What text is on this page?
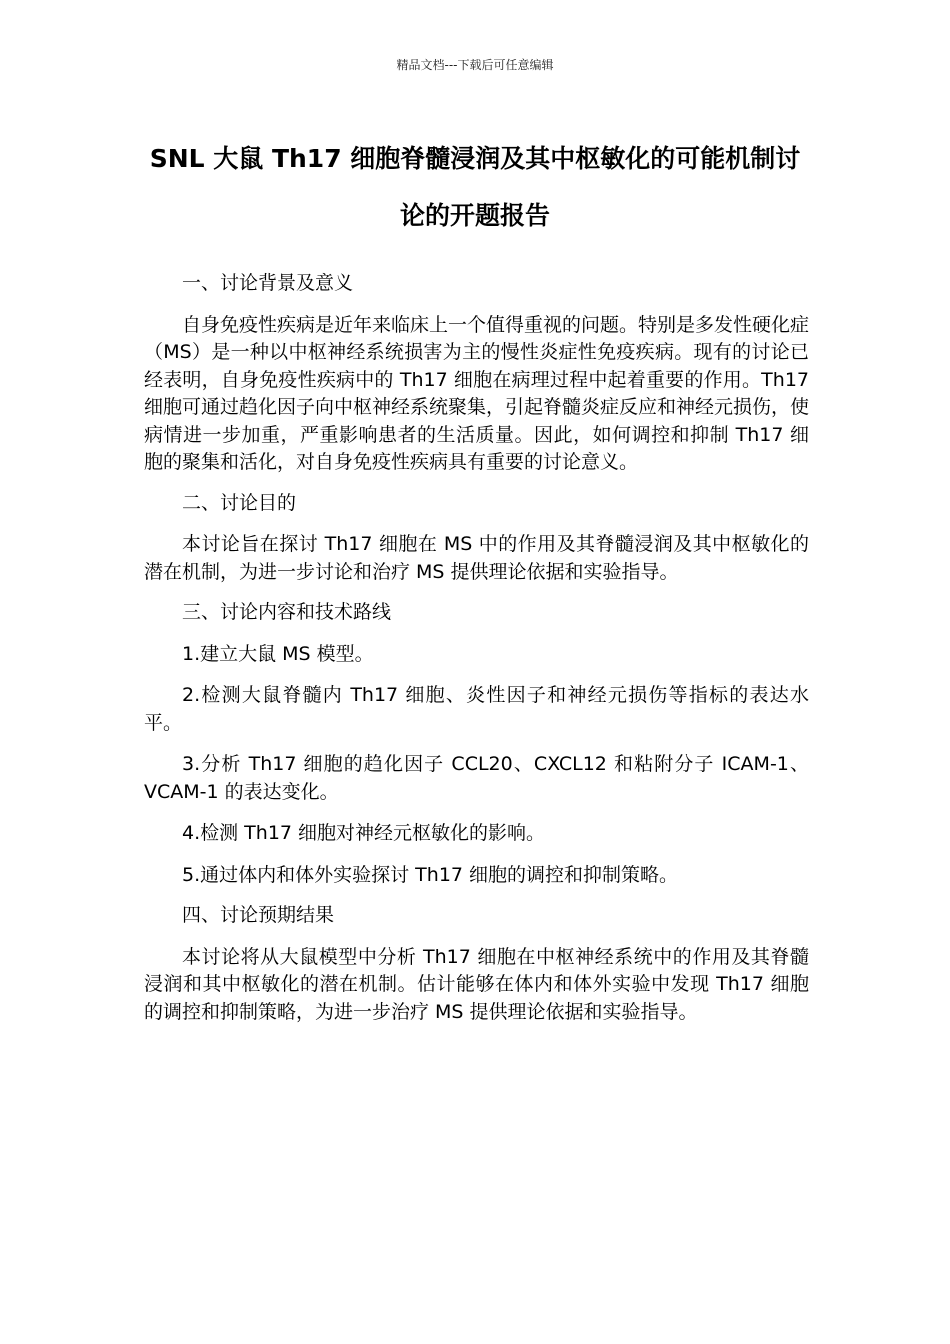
精品文档---下载后可任意编辑
SNL 大鼠 Th17 细胞脊髓浸润及其中枢敏化的可能机制讨论的开题报告

一、讨论背景及意义

自身免疫性疾病是近年来临床上一个值得重视的问题。特别是多发性硬化症（MS）是一种以中枢神经系统损害为主的慢性炎症性免疫疾病。现有的讨论已经表明，自身免疫性疾病中的 Th17 细胞在病理过程中起着重要的作用。Th17 细胞可通过趋化因子向中枢神经系统聚集，引起脊髓炎症反应和神经元损伤，使病情进一步加重，严重影响患者的生活质量。因此，如何调控和抑制 Th17 细胞的聚集和活化，对自身免疫性疾病具有重要的讨论意义。

二、讨论目的

本讨论旨在探讨 Th17 细胞在 MS 中的作用及其脊髓浸润及其中枢敏化的潜在机制，为进一步讨论和治疗 MS 提供理论依据和实验指导。

三、讨论内容和技术路线

1.建立大鼠 MS 模型。

2.检测大鼠脊髓内 Th17 细胞、炎性因子和神经元损伤等指标的表达水平。

3.分析 Th17 细胞的趋化因子 CCL20、CXCL12 和粘附分子 ICAM-1、VCAM-1 的表达变化。

4.检测 Th17 细胞对神经元枢敏化的影响。

5.通过体内和体外实验探讨 Th17 细胞的调控和抑制策略。

四、讨论预期结果

本讨论将从大鼠模型中分析 Th17 细胞在中枢神经系统中的作用及其脊髓浸润和其中枢敏化的潜在机制。估计能够在体内和体外实验中发现 Th17 细胞的调控和抑制策略，为进一步治疗 MS 提供理论依据和实验指导。
